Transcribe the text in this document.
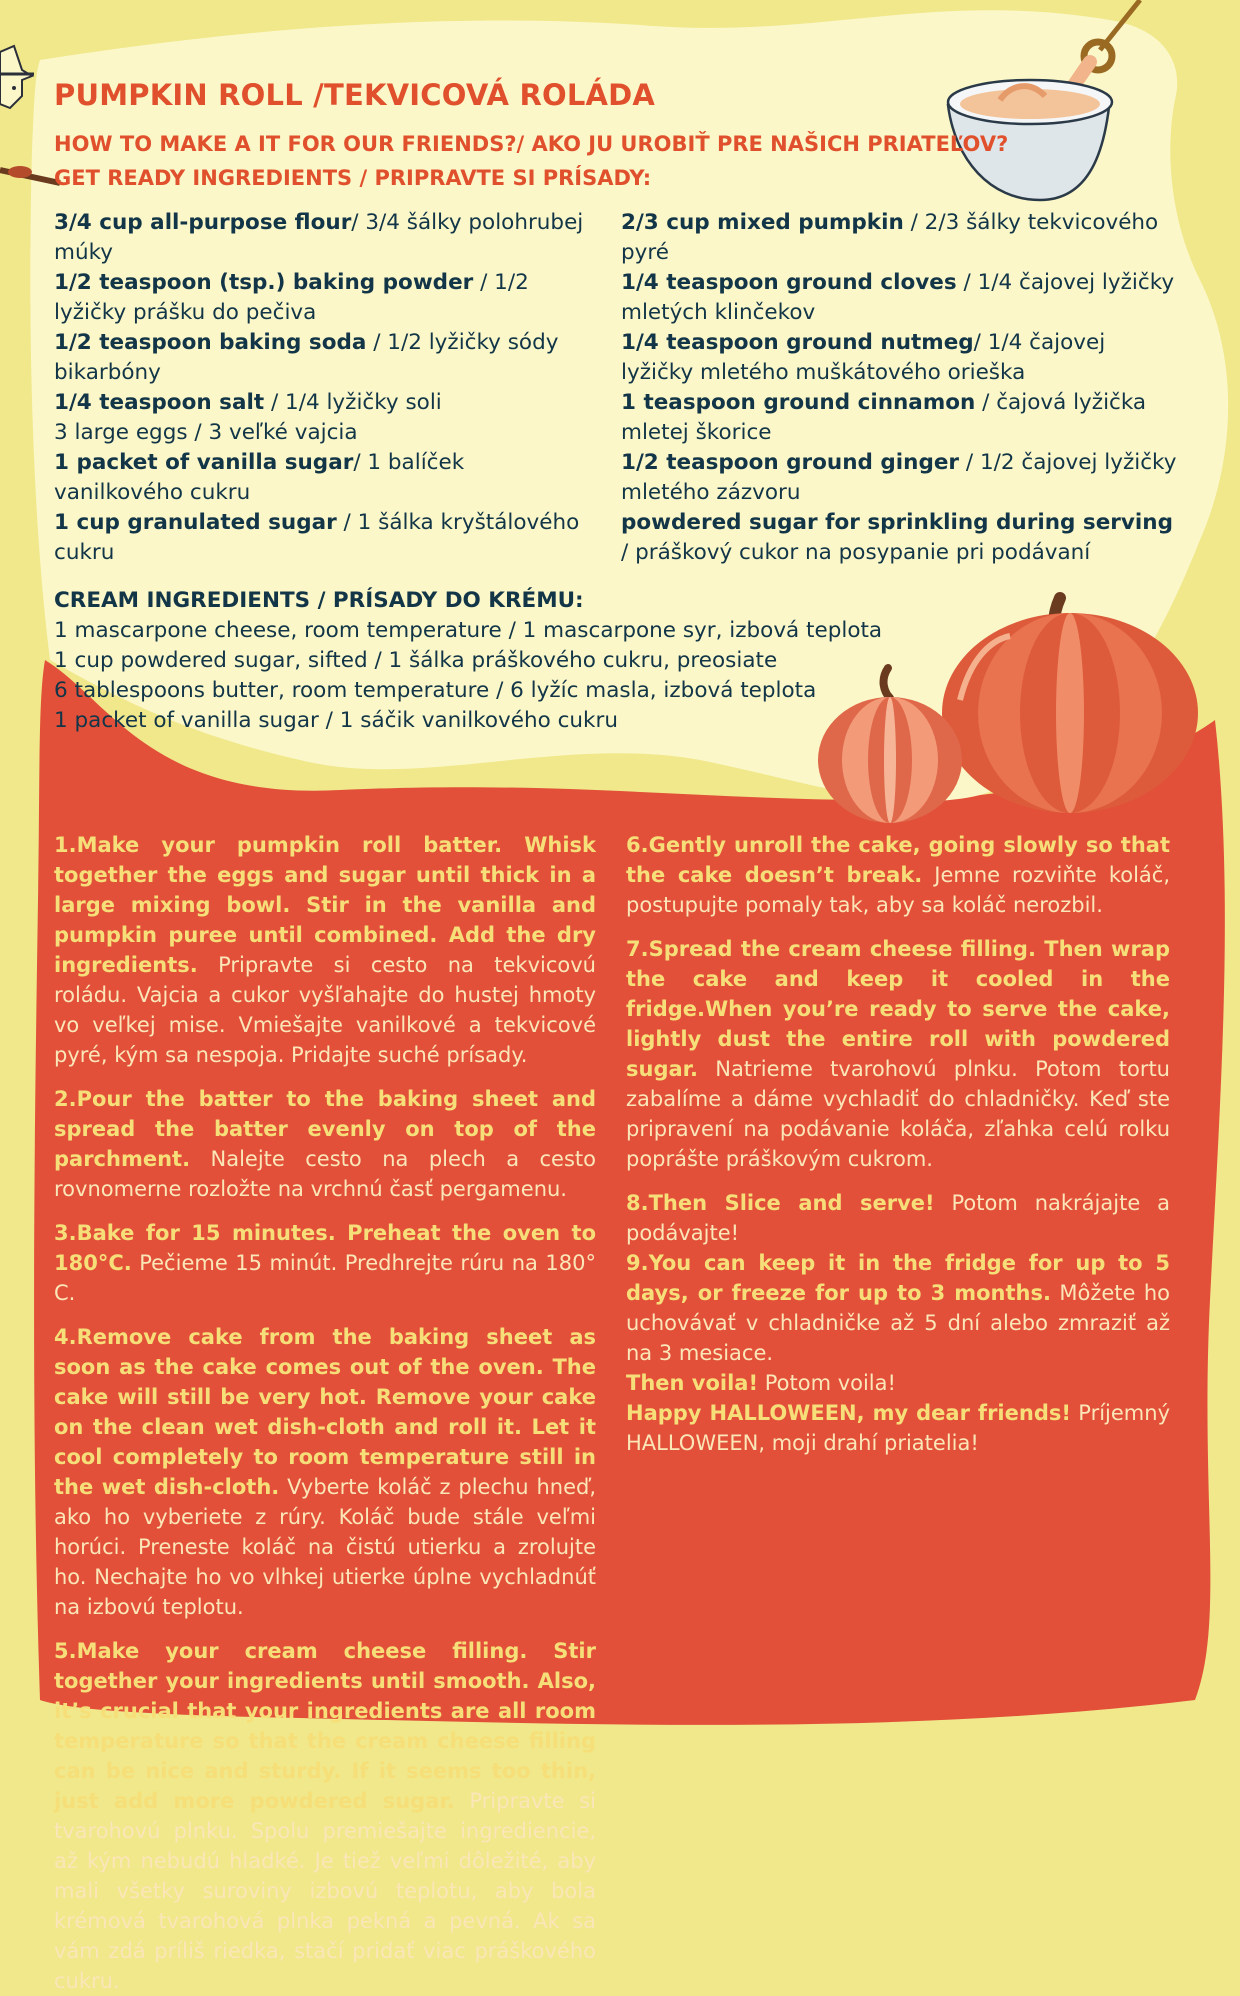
PUMPKIN ROLL /TEKVICOVÁ ROLÁDA

HOW TO MAKE A IT FOR OUR FRIENDS?/ AKO JU UROBIŤ PRE NAŠICH PRIATEĽOV?

GET READY INGREDIENTS / PRIPRAVTE SI PRÍSADY:

3/4 cup all-purpose flour/ 3/4 šálky polohrubej múky

1/2 teaspoon (tsp.) baking powder / 1/2 lyžičky prášku do pečiva

1/2 teaspoon baking soda / 1/2 lyžičky sódy bikarbóny

1/4 teaspoon salt / 1/4 lyžičky soli

3 large eggs / 3 veľké vajcia

1 packet of vanilla sugar/ 1 balíček vanilkového cukru

1 cup granulated sugar / 1 šálka kryštálového cukru

2/3 cup mixed pumpkin / 2/3 šálky tekvicového pyré

1/4 teaspoon ground cloves / 1/4 čajovej lyžičky mletých klinčekov

1/4 teaspoon ground nutmeg/ 1/4 čajovej lyžičky mletého muškátového orieška

1 teaspoon ground cinnamon / čajová lyžička mletej škorice

1/2 teaspoon ground ginger / 1/2 čajovej lyžičky mletého zázvoru

powdered sugar for sprinkling during serving / práškový cukor na posypanie pri podávaní

CREAM INGREDIENTS / PRÍSADY DO KRÉMU:

1 mascarpone cheese, room temperature / 1 mascarpone syr, izbová teplota

1 cup powdered sugar, sifted / 1 šálka práškového cukru, preosiate

6 tablespoons butter, room temperature / 6 lyžíc masla, izbová teplota

1 packet of vanilla sugar / 1 sáčik vanilkového cukru

1.Make your pumpkin roll batter. Whisk together the eggs and sugar until thick in a large mixing bowl. Stir in the vanilla and pumpkin puree until combined. Add the dry ingredients. Pripravte si cesto na tekvicovú roládu. Vajcia a cukor vyšľahajte do hustej hmoty vo veľkej mise. Vmiešajte vanilkové a tekvicové pyré, kým sa nespoja. Pridajte suché prísady.

2.Pour the batter to the baking sheet and spread the batter evenly on top of the parchment. Nalejte cesto na plech a cesto rovnomerne rozložte na vrchnú časť pergamenu.

3.Bake for 15 minutes. Preheat the oven to 180°C. Pečieme 15 minút. Predhrejte rúru na 180° C.

4.Remove cake from the baking sheet as soon as the cake comes out of the oven. The cake will still be very hot. Remove your cake on the clean wet dish-cloth and roll it. Let it cool completely to room temperature still in the wet dish-cloth. Vyberte koláč z plechu hneď, ako ho vyberiete z rúry. Koláč bude stále veľmi horúci. Preneste koláč na čistú utierku a zrolujte ho. Nechajte ho vo vlhkej utierke úplne vychladnúť na izbovú teplotu.

5.Make your cream cheese filling. Stir together your ingredients until smooth. Also, it’s crucial that your ingredients are all room temperature so that the cream cheese filling can be nice and sturdy. If it seems too thin, just add more powdered sugar. Pripravte si tvarohovú plnku. Spolu premiešajte ingrediencie, až kým nebudú hladké. Je tiež veľmi dôležité, aby mali všetky suroviny izbovú teplotu, aby bola krémová tvarohová plnka pekná a pevná. Ak sa vám zdá príliš riedka, stačí pridať viac práškového cukru.

6.Gently unroll the cake, going slowly so that the cake doesn’t break. Jemne rozviňte koláč, postupujte pomaly tak, aby sa koláč nerozbil.

7.Spread the cream cheese filling. Then wrap the cake and keep it cooled in the fridge.When you’re ready to serve the cake, lightly dust the entire roll with powdered sugar. Natrieme tvarohovú plnku. Potom tortu zabalíme a dáme vychladiť do chladničky. Keď ste pripravení na podávanie koláča, zľahka celú rolku poprášte práškovým cukrom.

8.Then Slice and serve! Potom nakrájajte a podávajte!

9.You can keep it in the fridge for up to 5 days, or freeze for up to 3 months. Môžete ho uchovávať v chladničke až 5 dní alebo zmraziť až na 3 mesiace.

Then voila! Potom voila!

Happy HALLOWEEN, my dear friends! Príjemný HALLOWEEN, moji drahí priatelia!
